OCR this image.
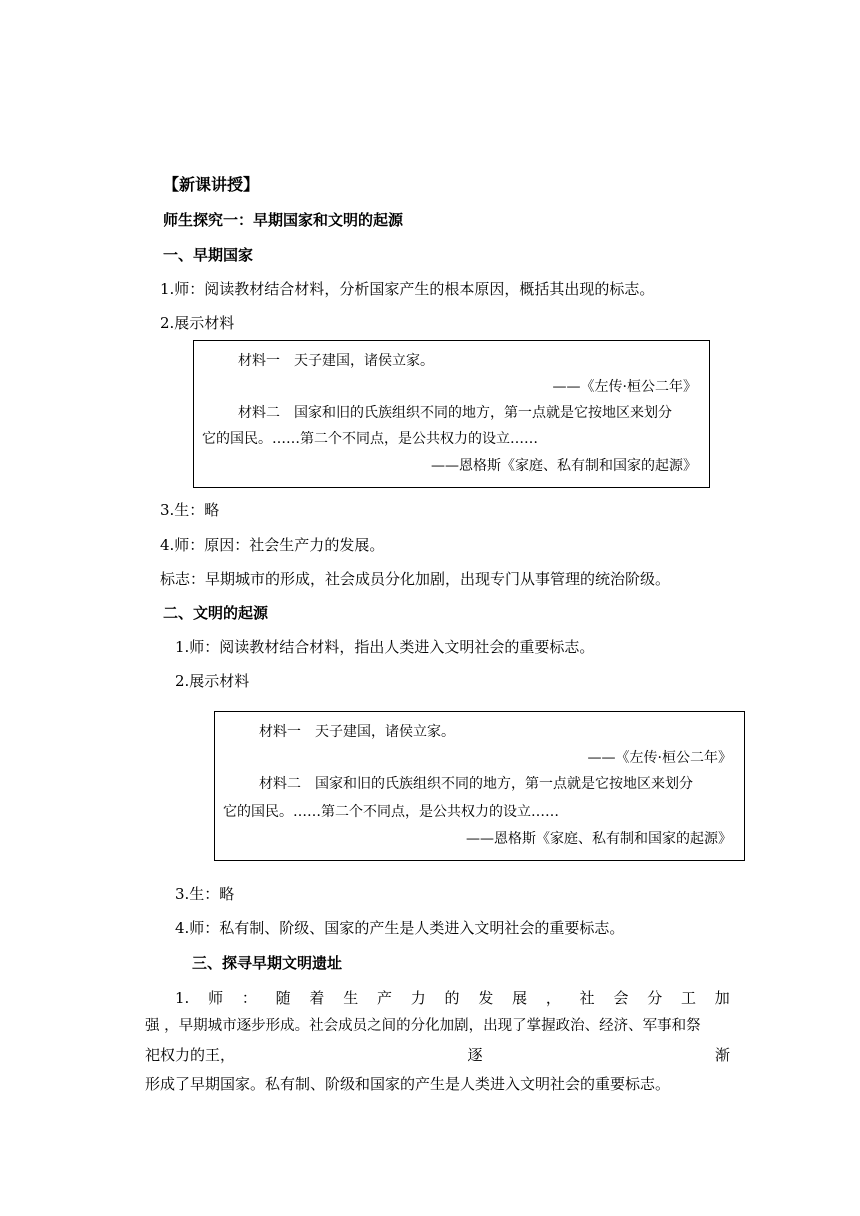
【新课讲授】
师生探究一：早期国家和文明的起源
一、早期国家
1.师：阅读教材结合材料，分析国家产生的根本原因，概括其出现的标志。
2.展示材料
材料一　天子建国，诸侯立家。
——《左传·桓公二年》
材料二　国家和旧的氏族组织不同的地方，第一点就是它按地区来划分
它的国民。……第二个不同点，是公共权力的设立……
——恩格斯《家庭、私有制和国家的起源》
3.生：略
4.师：原因：社会生产力的发展。
标志：早期城市的形成，社会成员分化加剧，出现专门从事管理的统治阶级。
二、文明的起源
1.师：阅读教材结合材料，指出人类进入文明社会的重要标志。
2.展示材料
材料一　天子建国，诸侯立家。
——《左传·桓公二年》
材料二　国家和旧的氏族组织不同的地方，第一点就是它按地区来划分
它的国民。……第二个不同点，是公共权力的设立……
——恩格斯《家庭、私有制和国家的起源》
3.生：略
4.师：私有制、阶级、国家的产生是人类进入文明社会的重要标志。
三、探寻早期文明遗址
1. 师 ： 随 着 生 产 力 的 发 展 ， 社 会 分 工 加
强 ，早期城市逐步形成。社会成员之间的分化加剧，出现了掌握政治、经济、军事和祭
祀权力的王，	逐	渐
形成了早期国家。私有制、阶级和国家的产生是人类进入文明社会的重要标志。
